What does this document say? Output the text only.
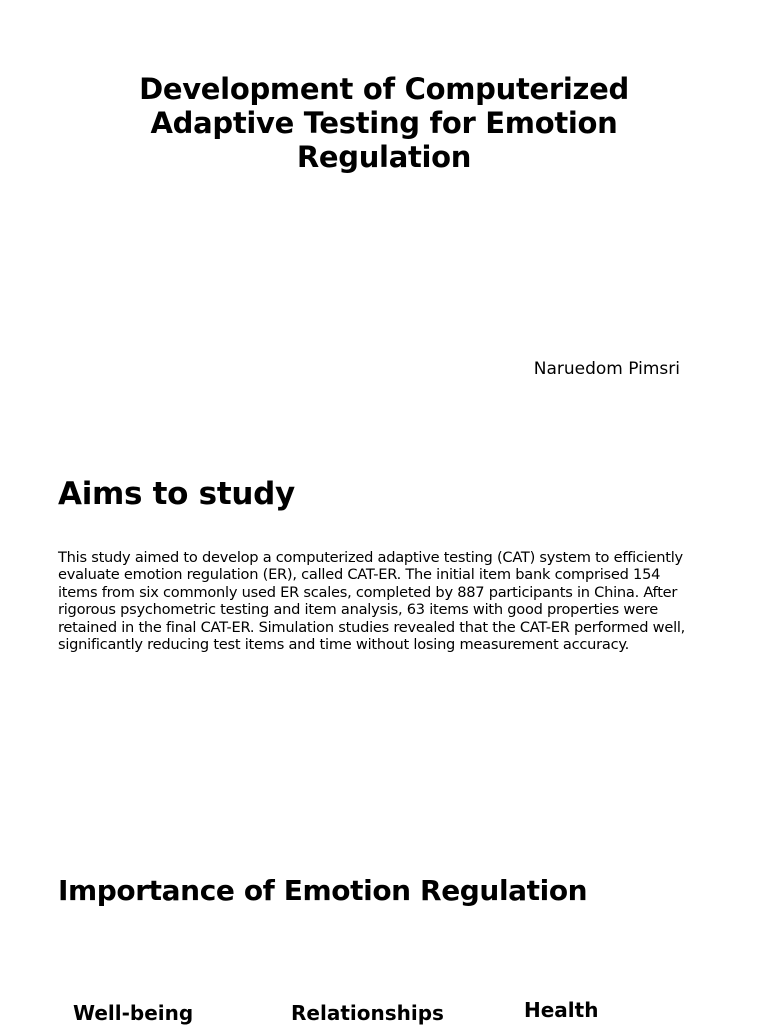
Development of Computerized Adaptive Testing for Emotion Regulation

Naruedom Pimsri

Aims to study

This study aimed to develop a computerized adaptive testing (CAT) system to efficiently evaluate emotion regulation (ER), called CAT-ER. The initial item bank comprised 154 items from six commonly used ER scales, completed by 887 participants in China. After rigorous psychometric testing and item analysis, 63 items with good properties were retained in the final CAT-ER. Simulation studies revealed that the CAT-ER performed well, significantly reducing test items and time without losing measurement accuracy.

Importance of Emotion Regulation
Well-being	Relationships	Health
